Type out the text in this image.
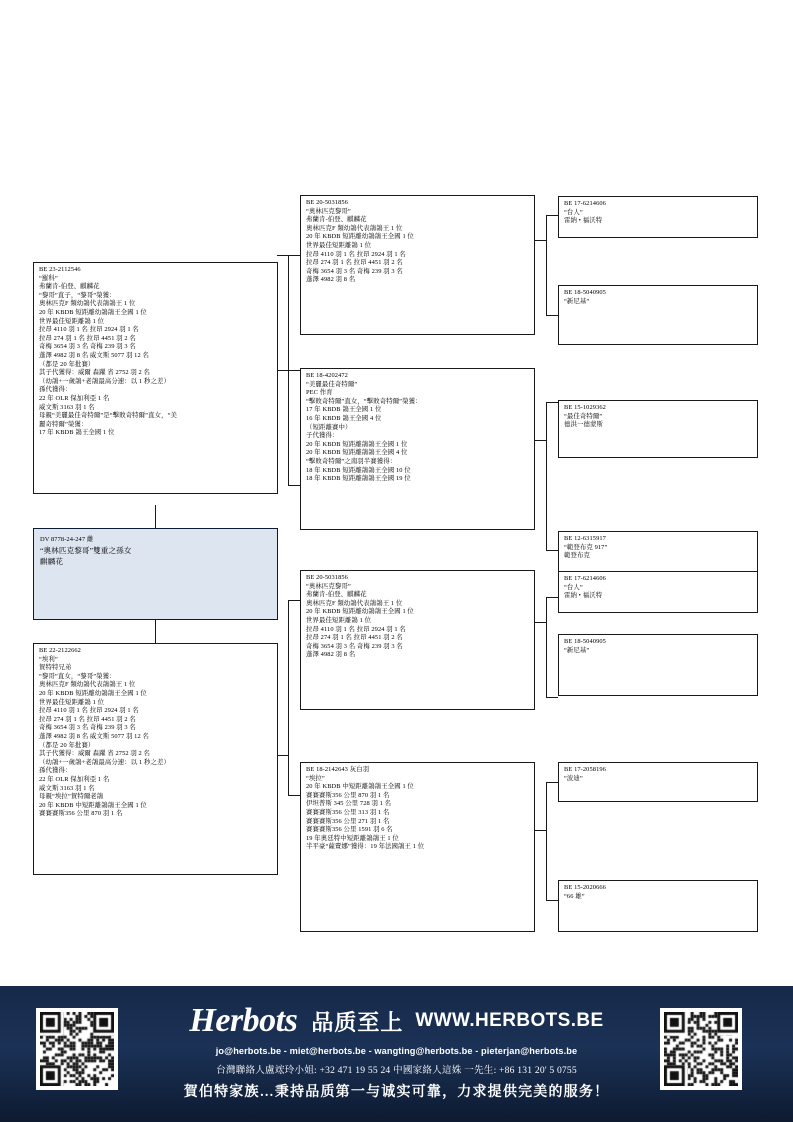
DV 8778-24-247 雌
“奧林匹克黎哥”雙重之孫女
麒麟花
BE 23-2112546
“羅科”
弗蘭肯-伯登、麒麟花
“黎哥”直子，“黎哥”榮獲：
奧林匹克F 類幼鴿代表鴿鴿王 1 位
20 年 KBDB 短距離幼鴿鴿王全國 1 位
世界最佳短距離鴿 1 位
拉昂 4110 羽 1 名 拉昂 2924 羽 1 名
拉昂 274 羽 1 名 拉昂 4451 羽 2 名
奇梅 3654 羽 3 名 奇梅 239 羽 3 名
蓬澤 4982 羽 8 名 威文斯 5077 羽 12 名
（都是 20 年批賽）
其子代獲得：威爾 森躍 省 2752 羽 2 名
（幼鴿+一歲鴿+老鴿最高分速：以 1 秒之差）
孫代獲得：
22 年 OLR 保加利亞 1 名
威文斯 3163 羽 1 名
母親“美麗最佳奇特爾”是“擊敗奇特爾”直女，“美
麗奇特爾”榮獲：
17 年 KBDB 鴿王全國 1 位
BE 22-2122662
“埃利”
賀特特兄弟
“黎哥”直女，“黎哥”榮獲：
奧林匹克F 類幼鴿代表鴿鴿王 1 位
20 年 KBDB 短距離幼鴿鴿王全國 1 位
世界最佳短距離鴿 1 位
拉昂 4110 羽 1 名 拉昂 2924 羽 1 名
拉昂 274 羽 1 名 拉昂 4451 羽 2 名
奇梅 3654 羽 3 名 奇梅 239 羽 3 名
蓬澤 4982 羽 8 名 威文斯 5077 羽 12 名
（都是 20 年批賽）
其子代獲得：威爾 森躍 省 2752 羽 2 名
（幼鴿+一歲鴿+老鴿最高分速：以 1 秒之差）
孫代獲得：
22 年 OLR 保加利亞 1 名
威文斯 3163 羽 1 名
母親“埃拉”賀特爾老鴿
20 年 KBDB 中短距離鴿鴿王全國 1 位
賽賽賽斯356 公里 870 羽 1 名
BE 20-5031856
“奧林匹克黎哥”
弗蘭肯-伯登、麒麟花
奧林匹克F 類幼鴿代表鴿鴿王 1 位
20 年 KBDB 短距離幼鴿鴿王全國 1 位
世界最佳短距離鴿 1 位
拉昂 4110 羽 1 名 拉昂 2924 羽 1 名
拉昂 274 羽 1 名 拉昂 4451 羽 2 名
奇梅 3654 羽 3 名 奇梅 239 羽 3 名
蓬澤 4982 羽 8 名
BE 18-4202472
“美麗最佳奇特爾”
PEC 作育
“擊敗奇特爾”直女，“擊敗奇特爾”榮獲：
17 年 KBDB 鴿王全國 1 位
16 年 KBDB 鴿王全國 4 位
（短距離賽中）
子代獲得：
20 年 KBDB 短距離鴿鴿王全國 1 位
20 年 KBDB 短距離鴿鴿王全國 4 位
“擊敗奇特爾”之南羽半賽獲得：
18 年 KBDB 短距離鴿鴿王全國 10 位
18 年 KBDB 短距離鴿鴿王全國 19 位
BE 20-5031856
“奧林匹克黎哥”
弗蘭肯-伯登、麒麟花
奧林匹克F 類幼鴿代表鴿鴿王 1 位
20 年 KBDB 短距離幼鴿鴿王全國 1 位
世界最佳短距離鴿 1 位
拉昂 4110 羽 1 名 拉昂 2924 羽 1 名
拉昂 274 羽 1 名 拉昂 4451 羽 2 名
奇梅 3654 羽 3 名 奇梅 239 羽 3 名
蓬澤 4982 羽 8 名
BE 18-2142643 灰白羽
“埃拉”
20 年 KBDB 中短距離鴿鴿王全國 1 位
賽賽賽斯356 公里 870 羽 1 名
伊坦普斯 345 公里 728 羽 1 名
賽賽賽斯356 公里 313 羽 1 名
賽賽賽斯356 公里 271 羽 1 名
賽賽賽斯356 公里 1591 羽 6 名
19 年奧廷特中短距離鴿鴿王 1 位
半平豪“薩賣娜”獲得：19 年法國鴿王 1 位
BE 17-6214606
“台人”
雷納 • 福沃特
BE 18-5040905
“新尼基”
BE 15-1029362
“最佳奇特爾”
德洪一德蒙斯
BE 12-6315917
“範登布克 917”
範登布克
BE 17-6214606
“台人”
雷納 • 福沃特
BE 18-5040905
“新尼基”
BE 17-2058196
“波迪”
BE 15-2020666
“66 雄”
Herbots 品质至上 WWW.HERBOTS.BE
jo@herbots.be - miet@herbots.be - wangting@herbots.be - pieterjan@herbots.be
台灣聯絡人盧竤玲小姐: +32 471 19 55 24 中國家絡人這姝 一先生: +86 131 20' 5 0755
賀伯特家族…秉持品质第一与诚实可靠，力求提供完美的服务！
